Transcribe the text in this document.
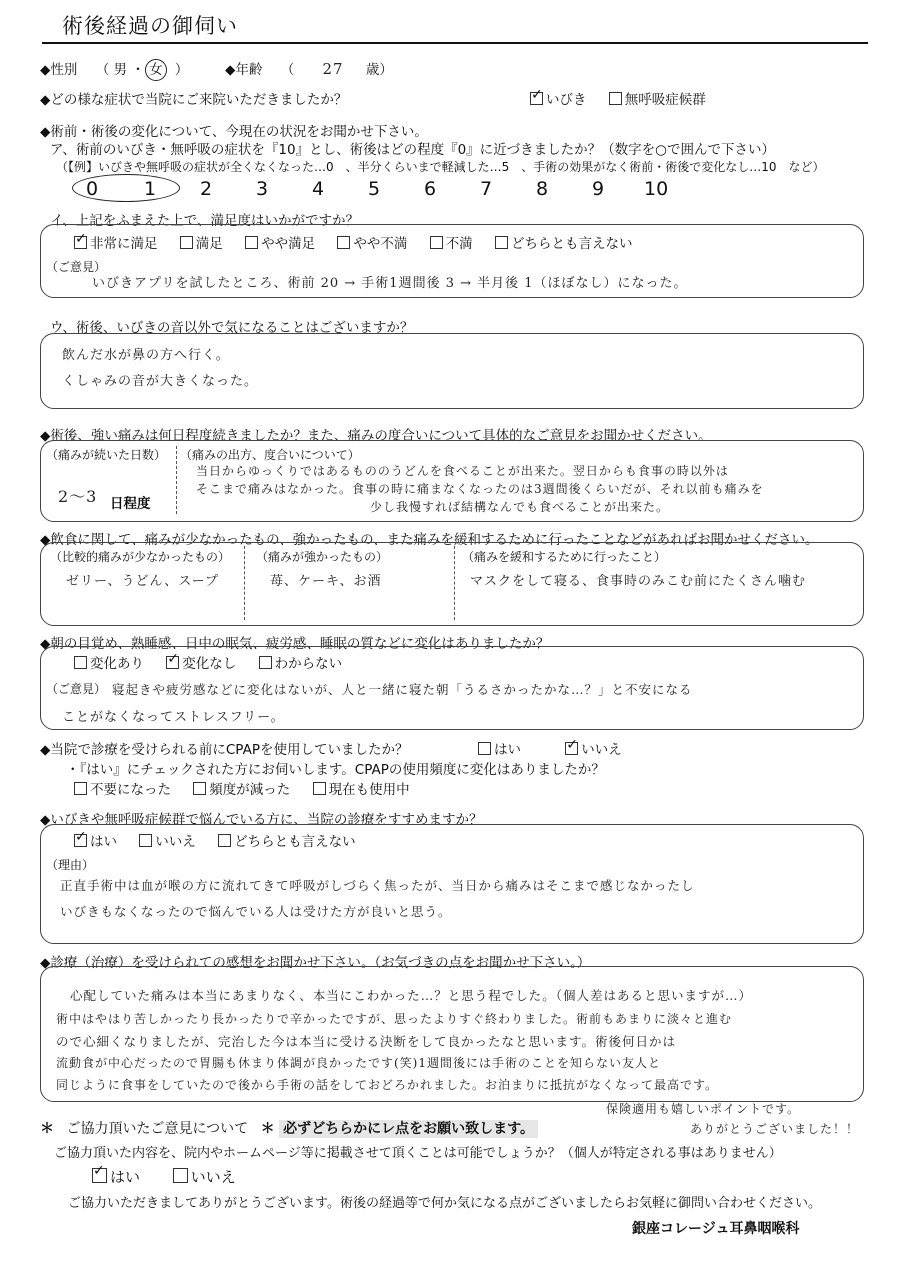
術後経過の御伺い
◆性別 （ 男 ・ 女 ）	◆年齢 （ 27 歳）
◆どの様な症状で当院にご来院いただきましたか？ ✓	いびき	無呼吸症候群
◆術前・術後の変化について、今現在の状況をお聞かせ下さい。
ア、術前のいびき・無呼吸の症状を『10』とし、術後はどの程度『0』に近づきましたか？（数字を○で囲んで下さい）
（【例】いびきや無呼吸の症状が全くなくなった…0　、半分くらいまで軽減した…5　、手術の効果がなく術前・術後で変化なし…10　など）
0 1 2 3 4 5 6 7 8 9 10
イ、上記をふまえた上で、満足度はいかがですか？
✓非常に満足	満足	やや満足	やや不満	不満	どちらとも言えない
（ご意見）
いびきアプリを試したところ、術前 20 → 手術1週間後 3 → 半月後 1（ほぼなし）になった。
ウ、術後、いびきの音以外で気になることはございますか？
飲んだ水が鼻の方へ行く。
くしゃみの音が大きくなった。
◆術後、強い痛みは何日程度続きましたか？また、痛みの度合いについて具体的なご意見をお聞かせください。
（痛みが続いた日数）
2～3 日程度
（痛みの出方、度合いについて）
当日からゆっくりではあるもののうどんを食べることが出来た。翌日からも食事の時以外は
そこまで痛みはなかった。食事の時に痛まなくなったのは3週間後くらいだが、それ以前も痛みを
少し我慢すれば結構なんでも食べることが出来た。
◆飲食に関して、痛みが少なかったもの、強かったもの、また痛みを緩和するために行ったことなどがあればお聞かせください。
（比較的痛みが少なかったもの） （痛みが強かったもの）	（痛みを緩和するために行ったこと）
ゼリー、うどん、スープ	苺、ケーキ、お酒	マスクをして寝る、食事時のみこむ前にたくさん噛む
◆朝の目覚め、熟睡感、日中の眠気、疲労感、睡眠の質などに変化はありましたか？
変化あり ✓	変化なし	わからない
（ご意見） 寝起きや疲労感などに変化はないが、人と一緒に寝た朝「うるさかったかな…？」と不安になる
ことがなくなってストレスフリー。
◆当院で診療を受けられる前にCPAPを使用していましたか？	はい ✓	いいえ
・『はい』にチェックされた方にお伺いします。CPAPの使用頻度に変化はありましたか？
不要になった	頻度が減った	現在も使用中
◆いびきや無呼吸症候群で悩んでいる方に、当院の診療をすすめますか？
✓はい	いいえ	どちらとも言えない
（理由）
正直手術中は血が喉の方に流れてきて呼吸がしづらく焦ったが、当日から痛みはそこまで感じなかったし
いびきもなくなったので悩んでいる人は受けた方が良いと思う。
◆診療（治療）を受けられての感想をお聞かせ下さい。（お気づきの点をお聞かせ下さい。）
心配していた痛みは本当にあまりなく、本当にこわかった…？と思う程でした。（個人差はあると思いますが…）
術中はやはり苦しかったり長かったりで辛かったですが、思ったよりすぐ終わりました。術前もあまりに淡々と進む
ので心細くなりましたが、完治した今は本当に受ける決断をして良かったなと思います。術後何日かは
流動食が中心だったので胃腸も休まり体調が良かったです(笑)1週間後には手術のことを知らない友人と
同じように食事をしていたので後から手術の話をしておどろかれました。お泊まりに抵抗がなくなって最高です。
保険適用も嬉しいポイントです。
ありがとうございました！！
＊ ご協力頂いたご意見について ＊ 必ずどちらかにレ点をお願い致します。
ご協力頂いた内容を、院内やホームページ等に掲載させて頂くことは可能でしょうか？（個人が特定される事はありません）
✓はい	いいえ
ご協力いただきましてありがとうございます。術後の経過等で何か気になる点がございましたらお気軽に御問い合わせください。
銀座コレージュ耳鼻咽喉科
